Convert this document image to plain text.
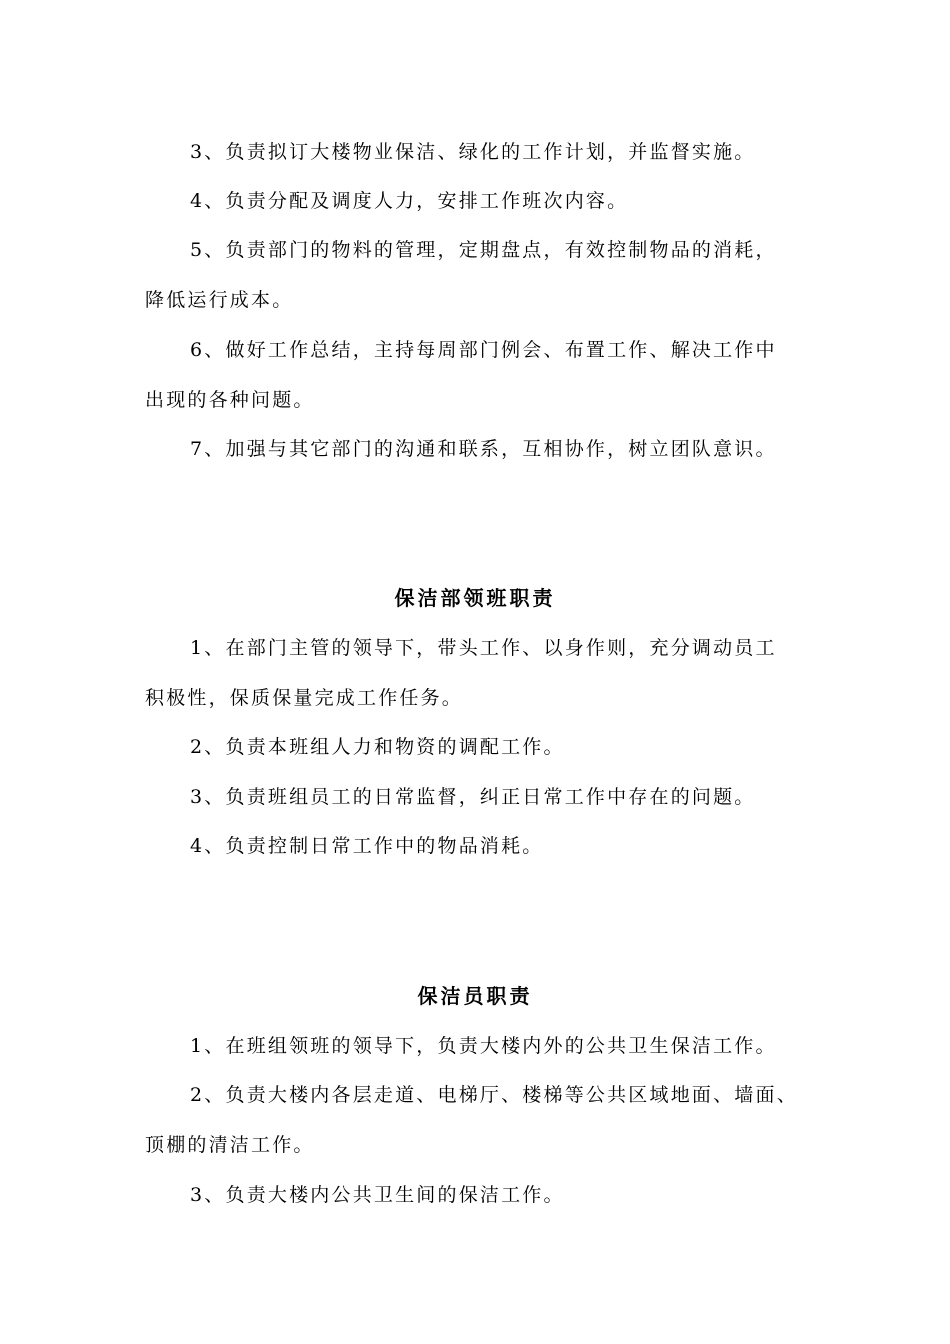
3、负责拟订大楼物业保洁、绿化的工作计划，并监督实施。
4、负责分配及调度人力，安排工作班次内容。
5、负责部门的物料的管理，定期盘点，有效控制物品的消耗，
降低运行成本。
6、做好工作总结，主持每周部门例会、布置工作、解决工作中
出现的各种问题。
7、加强与其它部门的沟通和联系，互相协作，树立团队意识。
保洁部领班职责
1、在部门主管的领导下，带头工作、以身作则，充分调动员工
积极性，保质保量完成工作任务。
2、负责本班组人力和物资的调配工作。
3、负责班组员工的日常监督，纠正日常工作中存在的问题。
4、负责控制日常工作中的物品消耗。
保洁员职责
1、在班组领班的领导下，负责大楼内外的公共卫生保洁工作。
2、负责大楼内各层走道、电梯厅、楼梯等公共区域地面、墙面、
顶棚的清洁工作。
3、负责大楼内公共卫生间的保洁工作。
